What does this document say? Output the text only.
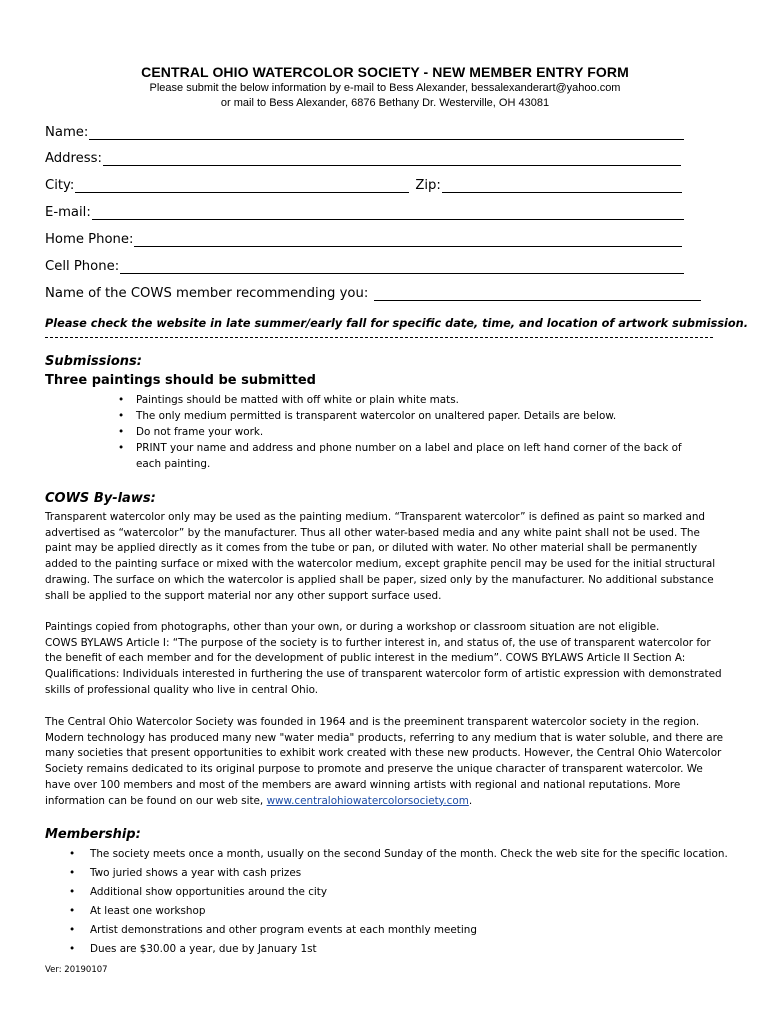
CENTRAL OHIO WATERCOLOR SOCIETY - NEW MEMBER ENTRY FORM
Please submit the below information by e-mail to Bess Alexander, bessalexanderart@yahoo.com
or mail to Bess Alexander, 6876 Bethany Dr. Westerville, OH 43081
Name:
Address:
City:	Zip:
E-mail:
Home Phone:
Cell Phone:
Name of the COWS member recommending you:
Please check the website in late summer/early fall for specific date, time, and location of artwork submission.
Submissions:
Three paintings should be submitted
• Paintings should be matted with off white or plain white mats.
• The only medium permitted is transparent watercolor on unaltered paper. Details are below.
• Do not frame your work.
• PRINT your name and address and phone number on a label and place on left hand corner of the back of each painting.
COWS By-laws:

Transparent watercolor only may be used as the painting medium. “Transparent watercolor” is defined as paint so marked and advertised as “watercolor” by the manufacturer. Thus all other water-based media and any white paint shall not be used. The paint may be applied directly as it comes from the tube or pan, or diluted with water. No other material shall be permanently added to the painting surface or mixed with the watercolor medium, except graphite pencil may be used for the initial structural drawing. The surface on which the watercolor is applied shall be paper, sized only by the manufacturer. No additional substance shall be applied to the support material nor any other support surface used.

Paintings copied from photographs, other than your own, or during a workshop or classroom situation are not eligible.

COWS BYLAWS Article I: “The purpose of the society is to further interest in, and status of, the use of transparent watercolor for the benefit of each member and for the development of public interest in the medium”. COWS BYLAWS Article II Section A: Qualifications: Individuals interested in furthering the use of transparent watercolor form of artistic expression with demonstrated skills of professional quality who live in central Ohio.

The Central Ohio Watercolor Society was founded in 1964 and is the preeminent transparent watercolor society in the region. Modern technology has produced many new "water media" products, referring to any medium that is water soluble, and there are many societies that present opportunities to exhibit work created with these new products. However, the Central Ohio Watercolor Society remains dedicated to its original purpose to promote and preserve the unique character of transparent watercolor. We have over 100 members and most of the members are award winning artists with regional and national reputations. More information can be found on our web site, www.centralohiowatercolorsociety.com.

Membership:
• The society meets once a month, usually on the second Sunday of the month. Check the web site for the specific location.
• Two juried shows a year with cash prizes
• Additional show opportunities around the city
• At least one workshop
• Artist demonstrations and other program events at each monthly meeting
• Dues are $30.00 a year, due by January 1st
Ver: 20190107
